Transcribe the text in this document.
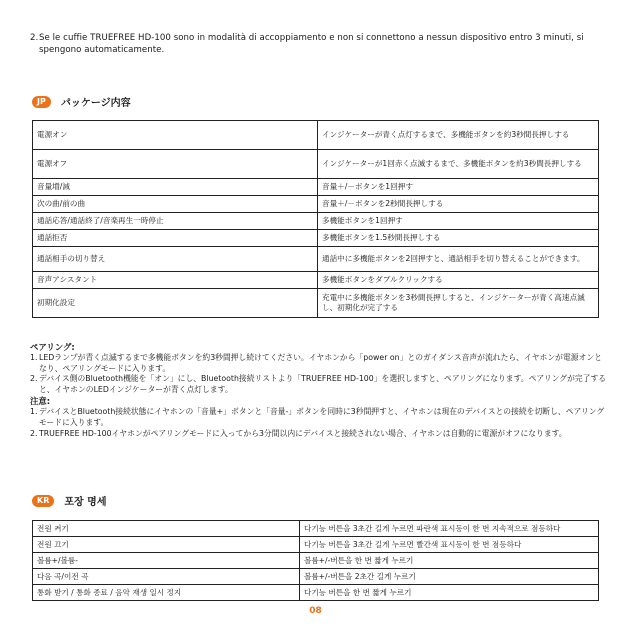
2. Se le cuffie TRUEFREE HD-100 sono in modalità di accoppiamento e non si connettono a nessun dispositivo entro 3 minuti, si spengono automaticamente.
JP	パッケージ内容
電源オン	インジケーターが青く点灯するまで、多機能ボタンを約3秒間長押しする
電源オフ	インジケーターが1回赤く点滅するまで、多機能ボタンを約3秒間長押しする
音量増/減	音量＋/－ボタンを1回押す
次の曲/前の曲	音量＋/－ボタンを2秒間長押しする
通話応答/通話終了/音楽再生一時停止	多機能ボタンを1回押す
通話拒否	多機能ボタンを1.5秒間長押しする
通話相手の切り替え	通話中に多機能ボタンを2回押すと、通話相手を切り替えることができます。
音声アシスタント	多機能ボタンをダブルクリックする
初期化設定	充電中に多機能ボタンを3秒間長押しすると、インジケーターが青く高速点滅し、初期化が完了する
ペアリング:
1. LEDランプが青く点滅するまで多機能ボタンを約3秒間押し続けてください。イヤホンから「power on」とのガイダンス音声が流れたら、イヤホンが電源オンとなり、ペアリングモードに入ります。
2. デバイス側のBluetooth機能を「オン」にし、Bluetooth接続リストより「TRUEFREE HD-100」を選択しますと、ペアリングになります。ペアリングが完了すると、イヤホンのLEDインジケーターが青く点灯します。
注意:
1. デバイスとBluetooth接続状態にイヤホンの「音量+」ボタンと「音量-」ボタンを同時に3秒間押すと、イヤホンは現在のデバイスとの接続を切断し、ペアリングモードに入ります。
2. TRUEFREE HD-100イヤホンがペアリングモードに入ってから3分間以内にデバイスと接続されない場合、イヤホンは自動的に電源がオフになります。
KR	포장 명세
전원 켜기	다기능 버튼을 3초간 길게 누르면 파란색 표시등이 한 번 지속적으로 점등하다
전원 끄기	다기능 버튼을 3초간 길게 누르면 빨간색 표시등이 한 번 점등하다
볼륨+/볼륨-	볼륨+/-버튼을 한 번 짧게 누르기
다음 곡/이전 곡	볼륨+/-버튼을 2초간 길게 누르기
통화 받기 / 통화 종료 / 음악 재생 일시 정지	다기능 버튼을 한 번 짧게 누르기
08
